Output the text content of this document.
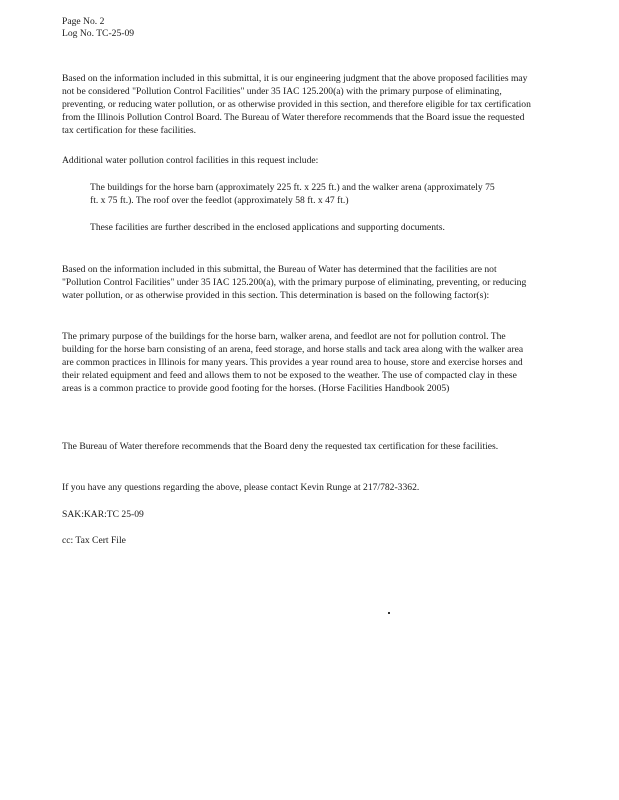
Page No. 2
Log No. TC-25-09

Based on the information included in this submittal, it is our engineering judgment that the above proposed facilities may not be considered "Pollution Control Facilities" under 35 IAC 125.200(a) with the primary purpose of eliminating, preventing, or reducing water pollution, or as otherwise provided in this section, and therefore eligible for tax certification from the Illinois Pollution Control Board. The Bureau of Water therefore recommends that the Board issue the requested tax certification for these facilities.

Additional water pollution control facilities in this request include:

The buildings for the horse barn (approximately 225 ft. x 225 ft.) and the walker arena (approximately 75 ft. x 75 ft.). The roof over the feedlot (approximately 58 ft. x 47 ft.)

These facilities are further described in the enclosed applications and supporting documents.

Based on the information included in this submittal, the Bureau of Water has determined that the facilities are not "Pollution Control Facilities" under 35 IAC 125.200(a), with the primary purpose of eliminating, preventing, or reducing water pollution, or as otherwise provided in this section. This determination is based on the following factor(s):

The primary purpose of the buildings for the horse barn, walker arena, and feedlot are not for pollution control. The building for the horse barn consisting of an arena, feed storage, and horse stalls and tack area along with the walker area are common practices in Illinois for many years. This provides a year round area to house, store and exercise horses and their related equipment and feed and allows them to not be exposed to the weather. The use of compacted clay in these areas is a common practice to provide good footing for the horses. (Horse Facilities Handbook 2005)

The Bureau of Water therefore recommends that the Board deny the requested tax certification for these facilities.

If you have any questions regarding the above, please contact Kevin Runge at 217/782-3362.

SAK:KAR:TC 25-09

cc: Tax Cert File
